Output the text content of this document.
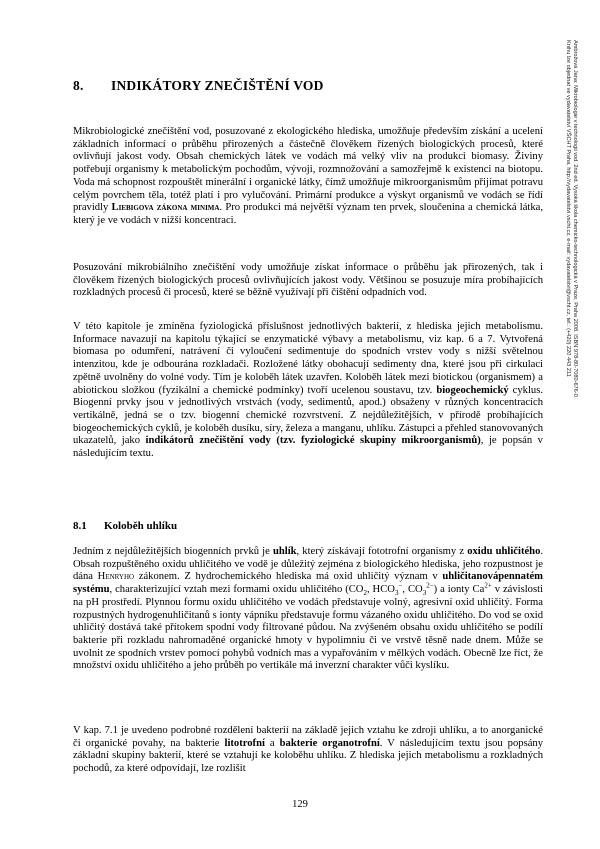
8. INDIKÁTORY ZNEČIŠTĚNÍ VOD

Mikrobiologické znečištění vod, posuzované z ekologického hlediska, umožňuje především získání a ucelení základních informací o průběhu přirozených a částečně člověkem řízených biologických procesů, které ovlivňují jakost vody. Obsah chemických látek ve vodách má velký vliv na produkci biomasy. Živiny potřebují organismy k metabolickým pochodům, vývoji, rozmnožování a samozřejmě k existenci na biotopu. Voda má schopnost rozpouštět minerální i organické látky, čímž umožňuje mikroorganismům přijímat potravu celým povrchem těla, totéž platí i pro vylučování. Primární produkce a výskyt organismů ve vodách se řídí pravidly Liebigova zákona minima. Pro produkci má největší význam ten prvek, sloučenina a chemická látka, který je ve vodách v nižší koncentraci.

Posuzování mikrobiálního znečištění vody umožňuje získat informace o průběhu jak přirozených, tak i člověkem řízených biologických procesů ovlivňujících jakost vody. Většinou se posuzuje míra probíhajících rozkladných procesů či procesů, které se běžně využívají při čištění odpadních vod.

V této kapitole je zmíněna fyziologická příslušnost jednotlivých bakterií, z hlediska jejich metabolismu. Informace navazují na kapitolu týkající se enzymatické výbavy a metabolismu, viz kap. 6 a 7. Vytvořená biomasa po odumření, natrávení či vyloučení sedimentuje do spodních vrstev vody s nižší světelnou intenzitou, kde je odbourána rozkladači. Rozložené látky obohacují sedimenty dna, které jsou při cirkulaci zpětně uvolněny do volné vody. Tím je koloběh látek uzavřen. Koloběh látek mezi biotickou (organismem) a abiotickou složkou (fyzikální a chemické podmínky) tvoří ucelenou soustavu, tzv. biogeochemický cyklus. Biogenní prvky jsou v jednotlivých vrstvách (vody, sedimentů, apod.) obsaženy v různých koncentracích vertikálně, jedná se o tzv. biogenní chemické rozvrstvení. Z nejdůležitějších, v přírodě probíhajících biogeochemických cyklů, je koloběh dusíku, síry, železa a manganu, uhlíku. Zástupci a přehled stanovovaných ukazatelů, jako indikátorů znečištění vody (tzv. fyziologické skupiny mikroorganismů), je popsán v následujícím textu.

8.1 Koloběh uhlíku

Jedním z nejdůležitějších biogenních prvků je uhlík, který získávají fototrofní organismy z oxidu uhličitého. Obsah rozpuštěného oxidu uhličitého ve vodě je důležitý zejména z biologického hlediska, jeho rozpustnost je dána Henryho zákonem. Z hydrochemického hlediska má oxid uhličitý význam v uhličitanovápennatém systému, charakterizující vztah mezi formami oxidu uhličitého ($CO_2$, $HCO_3^-$, $CO_3^{2-}$) a ionty $Ca^{2+}$ v závislosti na pH prostředí. Plynnou formu oxidu uhličitého ve vodách představuje volný, agresivní oxid uhličitý. Forma rozpustných hydrogenuhličitanů s ionty vápníku představuje formu vázaného oxidu uhličitého. Do vod se oxid uhličitý dostává také přítokem spodní vody filtrované půdou. Na zvýšeném obsahu oxidu uhličitého se podílí bakterie při rozkladu nahromaděné organické hmoty v hypolimniu či ve vrstvě těsně nade dnem. Může se uvolnit ze spodních vrstev pomocí pohybů vodních mas a vypařováním v mělkých vodách. Obecně lze říct, že množství oxidu uhličitého a jeho průběh po vertikále má inverzní charakter vůči kyslíku.

V kap. 7.1 je uvedeno podrobné rozdělení bakterií na základě jejich vztahu ke zdroji uhlíku, a to anorganické či organické povahy, na bakterie litotrofní a bakterie organotrofní. V následujícím textu jsou popsány základní skupiny bakterií, které se vztahují ke koloběhu uhlíku. Z hlediska jejich metabolismu a rozkladných pochodů, za které odpovídají, lze rozlišit

129
Ambrožová Jana: Mikrobiologie v technologii vod. 2nd ed. Vysoká škola chemicko-technologická v Praze, Praha 2008. ISBN 978-80-7080-676-0.
Knihu lze objednat ve vydavatelství VŠCHT Praha, http://vydavatelstvi.vscht.cz, e-mail: vydavatelstvi@vscht.cz, tel.: (+420) 220 443 211
